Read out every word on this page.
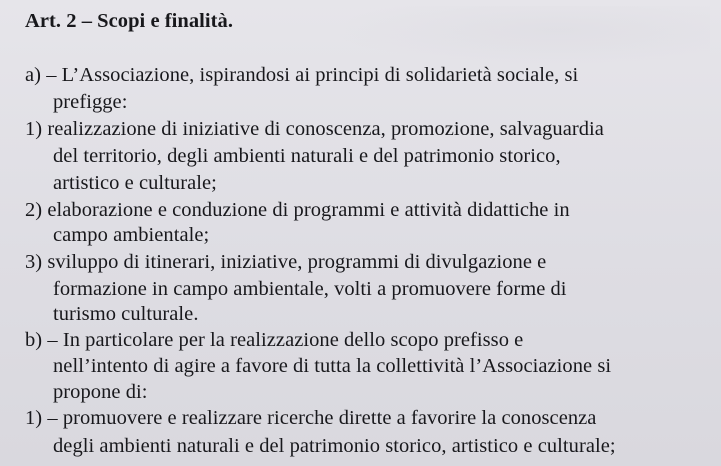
Art. 2 – Scopi e finalità.
a) – L’Associazione, ispirandosi ai principi di solidarietà sociale, si
prefigge:
1) realizzazione di iniziative di conoscenza, promozione, salvaguardia
del territorio, degli ambienti naturali e del patrimonio storico,
artistico e culturale;
2) elaborazione e conduzione di programmi e attività didattiche in
campo ambientale;
3) sviluppo di itinerari, iniziative, programmi di divulgazione e
formazione in campo ambientale, volti a promuovere forme di
turismo culturale.
b) – In particolare per la realizzazione dello scopo prefisso e
nell’intento di agire a favore di tutta la collettività l’Associazione si
propone di:
1) – promuovere e realizzare ricerche dirette a favorire la conoscenza
degli ambienti naturali e del patrimonio storico, artistico e culturale;
